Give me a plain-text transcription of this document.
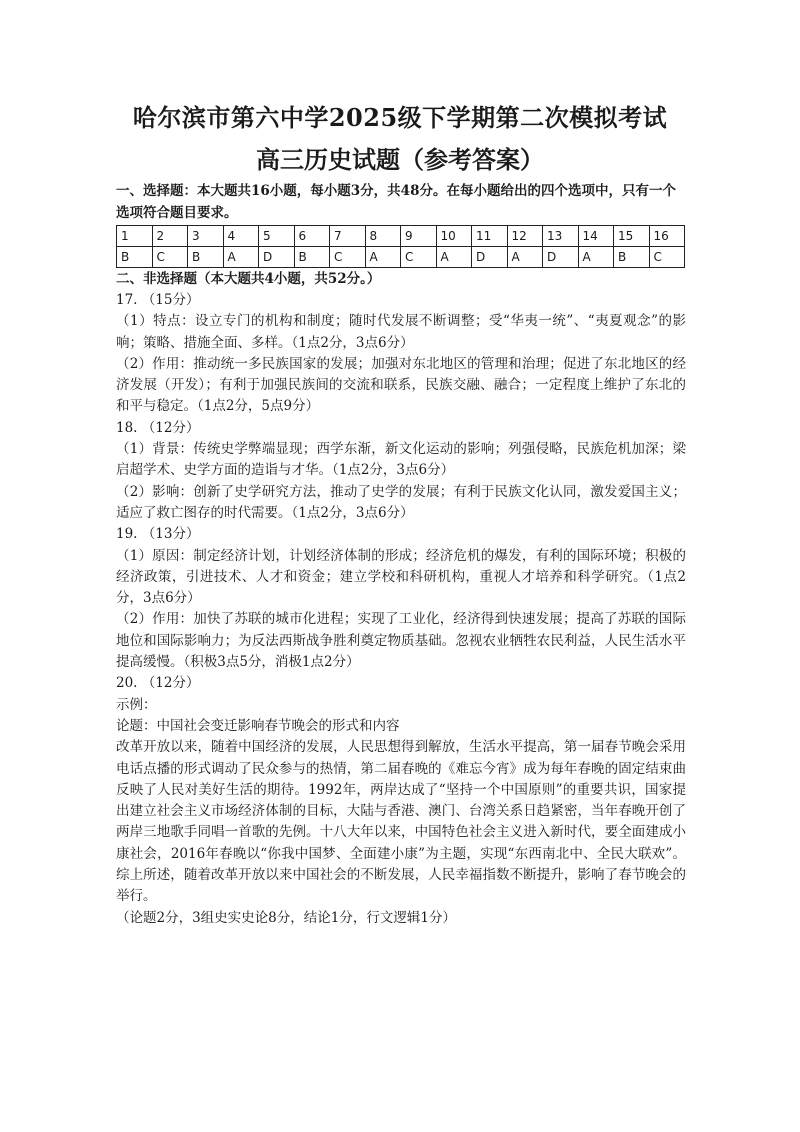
哈尔滨市第六中学2025级下学期第二次模拟考试
高三历史试题（参考答案）
一、选择题：本大题共16小题，每小题3分，共48分。在每小题给出的四个选项中，只有一个选项符合题目要求。
1	2	3	4	5	6	7	8	9	10	11	12	13	14	15	16
B	C	B	A	D	B	C	A	C	A	D	A	D	A	B	C
二、非选择题（本大题共4小题，共52分。）

17. （15分）

（1）特点：设立专门的机构和制度；随时代发展不断调整；受“华夷一统”、“夷夏观念”的影响；策略、措施全面、多样。（1点2分，3点6分）

（2）作用：推动统一多民族国家的发展；加强对东北地区的管理和治理；促进了东北地区的经济发展（开发）；有利于加强民族间的交流和联系，民族交融、融合；一定程度上维护了东北的和平与稳定。（1点2分，5点9分）

18. （12分）

（1）背景：传统史学弊端显现；西学东渐，新文化运动的影响；列强侵略，民族危机加深；梁启超学术、史学方面的造诣与才华。（1点2分，3点6分）

（2）影响：创新了史学研究方法，推动了史学的发展；有利于民族文化认同，激发爱国主义；适应了救亡图存的时代需要。（1点2分，3点6分）

19. （13分）

（1）原因：制定经济计划，计划经济体制的形成；经济危机的爆发，有利的国际环境；积极的经济政策，引进技术、人才和资金；建立学校和科研机构，重视人才培养和科学研究。（1点2分，3点6分）

（2）作用：加快了苏联的城市化进程；实现了工业化，经济得到快速发展；提高了苏联的国际地位和国际影响力；为反法西斯战争胜利奠定物质基础。忽视农业牺牲农民利益，人民生活水平提高缓慢。（积极3点5分，消极1点2分）

20. （12分）

示例：

论题：中国社会变迁影响春节晚会的形式和内容

改革开放以来，随着中国经济的发展，人民思想得到解放，生活水平提高，第一届春节晚会采用电话点播的形式调动了民众参与的热情，第二届春晚的《难忘今宵》成为每年春晚的固定结束曲反映了人民对美好生活的期待。1992年，两岸达成了“坚持一个中国原则”的重要共识，国家提出建立社会主义市场经济体制的目标，大陆与香港、澳门、台湾关系日趋紧密，当年春晚开创了两岸三地歌手同唱一首歌的先例。十八大年以来，中国特色社会主义进入新时代，要全面建成小康社会，2016年春晚以“你我中国梦、全面建小康”为主题，实现“东西南北中、全民大联欢”。综上所述，随着改革开放以来中国社会的不断发展，人民幸福指数不断提升，影响了春节晚会的举行。

（论题2分，3组史实史论8分，结论1分，行文逻辑1分）
